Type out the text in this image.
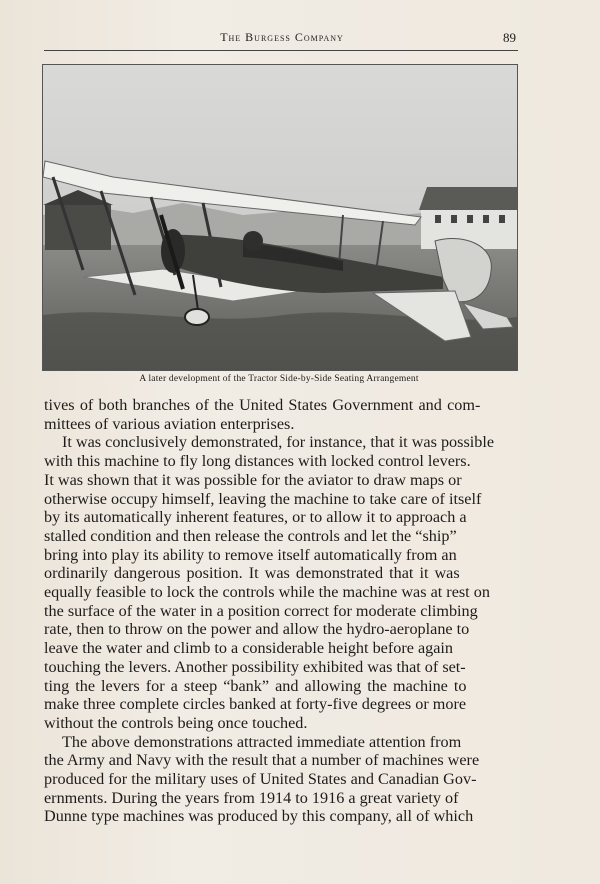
The Burgess Company	89
A later development of the Tractor Side-by-Side Seating Arrangement
tives of both branches of the United States Government and com-
mittees of various aviation enterprises.
It was conclusively demonstrated, for instance, that it was possible
with this machine to fly long distances with locked control levers.
It was shown that it was possible for the aviator to draw maps or
otherwise occupy himself, leaving the machine to take care of itself
by its automatically inherent features, or to allow it to approach a
stalled condition and then release the controls and let the “ship”
bring into play its ability to remove itself automatically from an
ordinarily dangerous position. It was demonstrated that it was
equally feasible to lock the controls while the machine was at rest on
the surface of the water in a position correct for moderate climbing
rate, then to throw on the power and allow the hydro-aeroplane to
leave the water and climb to a considerable height before again
touching the levers. Another possibility exhibited was that of set-
ting the levers for a steep “bank” and allowing the machine to
make three complete circles banked at forty-five degrees or more
without the controls being once touched.
The above demonstrations attracted immediate attention from
the Army and Navy with the result that a number of machines were
produced for the military uses of United States and Canadian Gov-
ernments. During the years from 1914 to 1916 a great variety of
Dunne type machines was produced by this company, all of which
